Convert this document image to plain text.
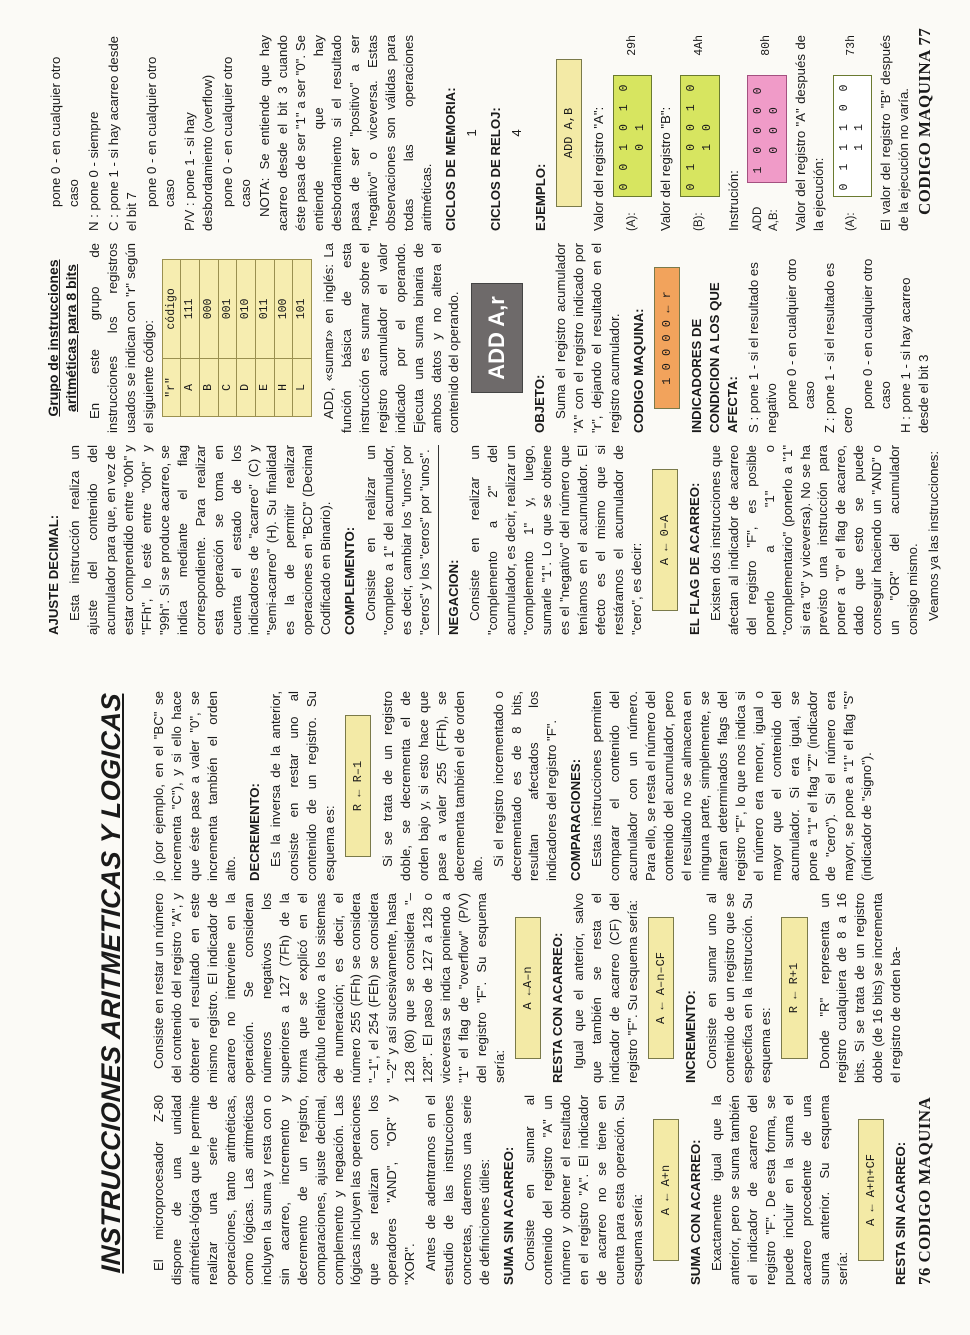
INSTRUCCIONES ARITMETICAS Y LOGICAS El microprocesador Z-80 dispone de una unidad aritmética-lógica que le permite realizar una serie de operaciones, tanto aritméticas, como lógicas. Las aritméticas incluyen la suma y resta con o sin acarreo, incremento y decremento de un registro, comparaciones, ajuste decimal, complemento y negación. Las lógicas incluyen las operaciones que se realizan con los operadores "AND", "OR" y "XOR". Antes de adentrarnos en el estudio de las instrucciones concretas, daremos una serie de definiciones útiles: SUMA SIN ACARREO: Consiste en sumar al contenido del registro "A" un número y obtener el resultado en el registro "A". El indicador de acarreo no se tiene en cuenta para esta operación. Su esquema sería:

A ← A+n	SUMA CON ACARREO: Exactamente igual que la anterior, pero se suma también el indicador de acarreo del registro "F". De esta forma, se puede incluir en la suma el acarreo procedente de una suma anterior. Su esquema sería:

A ← A+n+CF	RESTA SIN ACARREO:

Consiste en restar un número del contenido del registro "A", y obtener el resultado en este mismo registro. El indicador de acarreo no interviene en la operación. Se consideran números negativos los superiores a 127 (7Fh) de la forma que se explicó en el capítulo relativo a los sistemas de numeración; es decir, el número 255 (FFh) se considera "–1", el 254 (FEh) se considera "–2" y así sucesivamente, hasta 128 (80) que se considera "–128". El paso de 127 a 128 o viceversa se indica poniendo a "1" el flag de "overflow" (P/V) del registro "F". Su esquema sería:

A ←A–n	RESTA CON ACARREO: Igual que el anterior, salvo que también se resta el indicador de acarreo (CF) del registro "F". Su esquema sería:	A ← A–n–CF
INCREMENTO: Consiste en sumar uno al contenido de un registro que se especifica en la instrucción. Su esquema es:

R ← R+1	Donde "R" representa un registro cualquiera de 8 a 16 bits. Si se trata de un registro doble (de 16 bits) se incrementa el registro de orden ba-

jo (por ejemplo, en el "BC" se incrementa "C"), y si ello hace que éste pase a valer "0", se incrementa también el orden alto. DECREMENTO: Es la inversa de la anterior, consiste en restar uno al contenido de un registro. Su esquema es:

R ← R–1	Si se trata de un registro doble, se decrementa el de orden bajo y, si esto hace que pase a valer 255 (FFh), se decrementa también el de orden alto.

Si el registro incrementado o decrementado es de 8 bits, resultan afectados los indicadores del registro "F". COMPARACIONES: Estas instrucciones permiten comparar el contenido del acumulador con un número. Para ello, se resta el número del contenido del acumulador, pero el resultado no se almacena en ninguna parte, simplemente, se alteran determinados flags del registro "F", lo que nos indica si el número era menor, igual o mayor que el contenido del acumulador. Si era igual, se pone a "1" el flag "Z" (indicador de "cero"). Si el número era mayor, se pone a "1" el flag "S" (indicador de "signo").

76 CODIGO MAQUINA
AJUSTE DECIMAL: Esta instrucción realiza un ajuste del contenido del acumulador para que, en vez de estar comprendido entre "00h" y "FFh", lo esté entre "00h" y "99h". Si se produce acarreo, se indica mediante el flag correspondiente. Para realizar esta operación se toma en cuenta el estado de los indicadores de "acarreo" (C) y "semi-acarreo" (H). Su finalidad es la de permitir realizar operaciones en "BCD" (Decimal Codificado en Binario). COMPLEMENTO: Consiste en realizar un "completo a 1" del acumulador, es decir, cambiar los "unos" por "ceros" y los "ceros" por "unos". NEGACION: Consiste en realizar un "complemento a 2" del acumulador, es decir, realizar un "complemento 1" y, luego, sumarle "1". Lo que se obtiene es el "negativo" del número que teníamos en el acumulador. El efecto es el mismo que si restáramos el acumulador de "cero", es decir:

A ← 0–A	EL FLAG DE ACARREO: Existen dos instrucciones que afectan al indicador de acarreo del registro "F", es posible ponerlo a "1" o "complementario" (ponerlo a "1" si era "0" y viceversa). No se ha previsto una instrucción para poner a "0" el flag de acarreo, dado que esto se puede conseguir haciendo un "AND" o un "OR" del acumulador consigo mismo. Veamos ya las instrucciones:

Grupo de instrucciones aritméticas para 8 bits En este grupo de instrucciones los registros usados se indican con "r" según el siguiente código: "r"	código
A	111
B	000
C	001
D	010
E	011
H	100
L	101 ADD, «sumar» en inglés: La función básica de esta instrucción es sumar sobre el registro acumulador el valor indicado por el operando. Ejecuta una suma binaria de ambos datos y no altera el contenido del operando.	ADD A,r
OBJETO: Suma el registro acumulador "A" con el registro indicado por "r", dejando el resultado en el registro acumulador. CODIGO MAQUINA:	1 0 0 0 0 ← r	INDICADORES DE CONDICION A LOS QUE AFECTA: S : pone 1 - si el resultado es negativo pone 0 - en cualquier otro caso Z : pone 1 - si el resultado es cero
pone 0 - en cualquier otro caso H : pone 1 - si hay acarreo desde el bit 3
pone 0 - en cualquier otro caso N : pone 0 - siempre C : pone 1 - si hay acarreo desde el bit 7
pone 0 - en cualquier otro caso P/V : pone 1 - si hay desbordamiento (overflow) pone 0 - en cualquier otro caso NOTA: Se entiende que hay acarreo desde el bit 3 cuando éste pasa de ser "1" a ser "0". Se entiende que hay desbordamiento si el resultado pasa de ser "positivo" a ser "negativo" o viceversa. Estas observaciones son válidas para todas las operaciones aritméticas. CICLOS DE MEMORIA: 1 CICLOS DE RELOJ: 4
EJEMPLO:
ADD A,B	Valor del registro "A": (A):
0 0 1 0 1 0 0 1
29h
Valor del registro "B": (B):
0 1 0 0 1 0 1 0
4Ah
Instrución: ADD A,B:
1 0 0 0 0 0 0 0
80h Valor del registro "A" después de la ejecución: (A):
0 1 1 1 0 0 1 1
73h El valor del registro "B" después de la ejecución no varía. CODIGO MAQUINA 77
